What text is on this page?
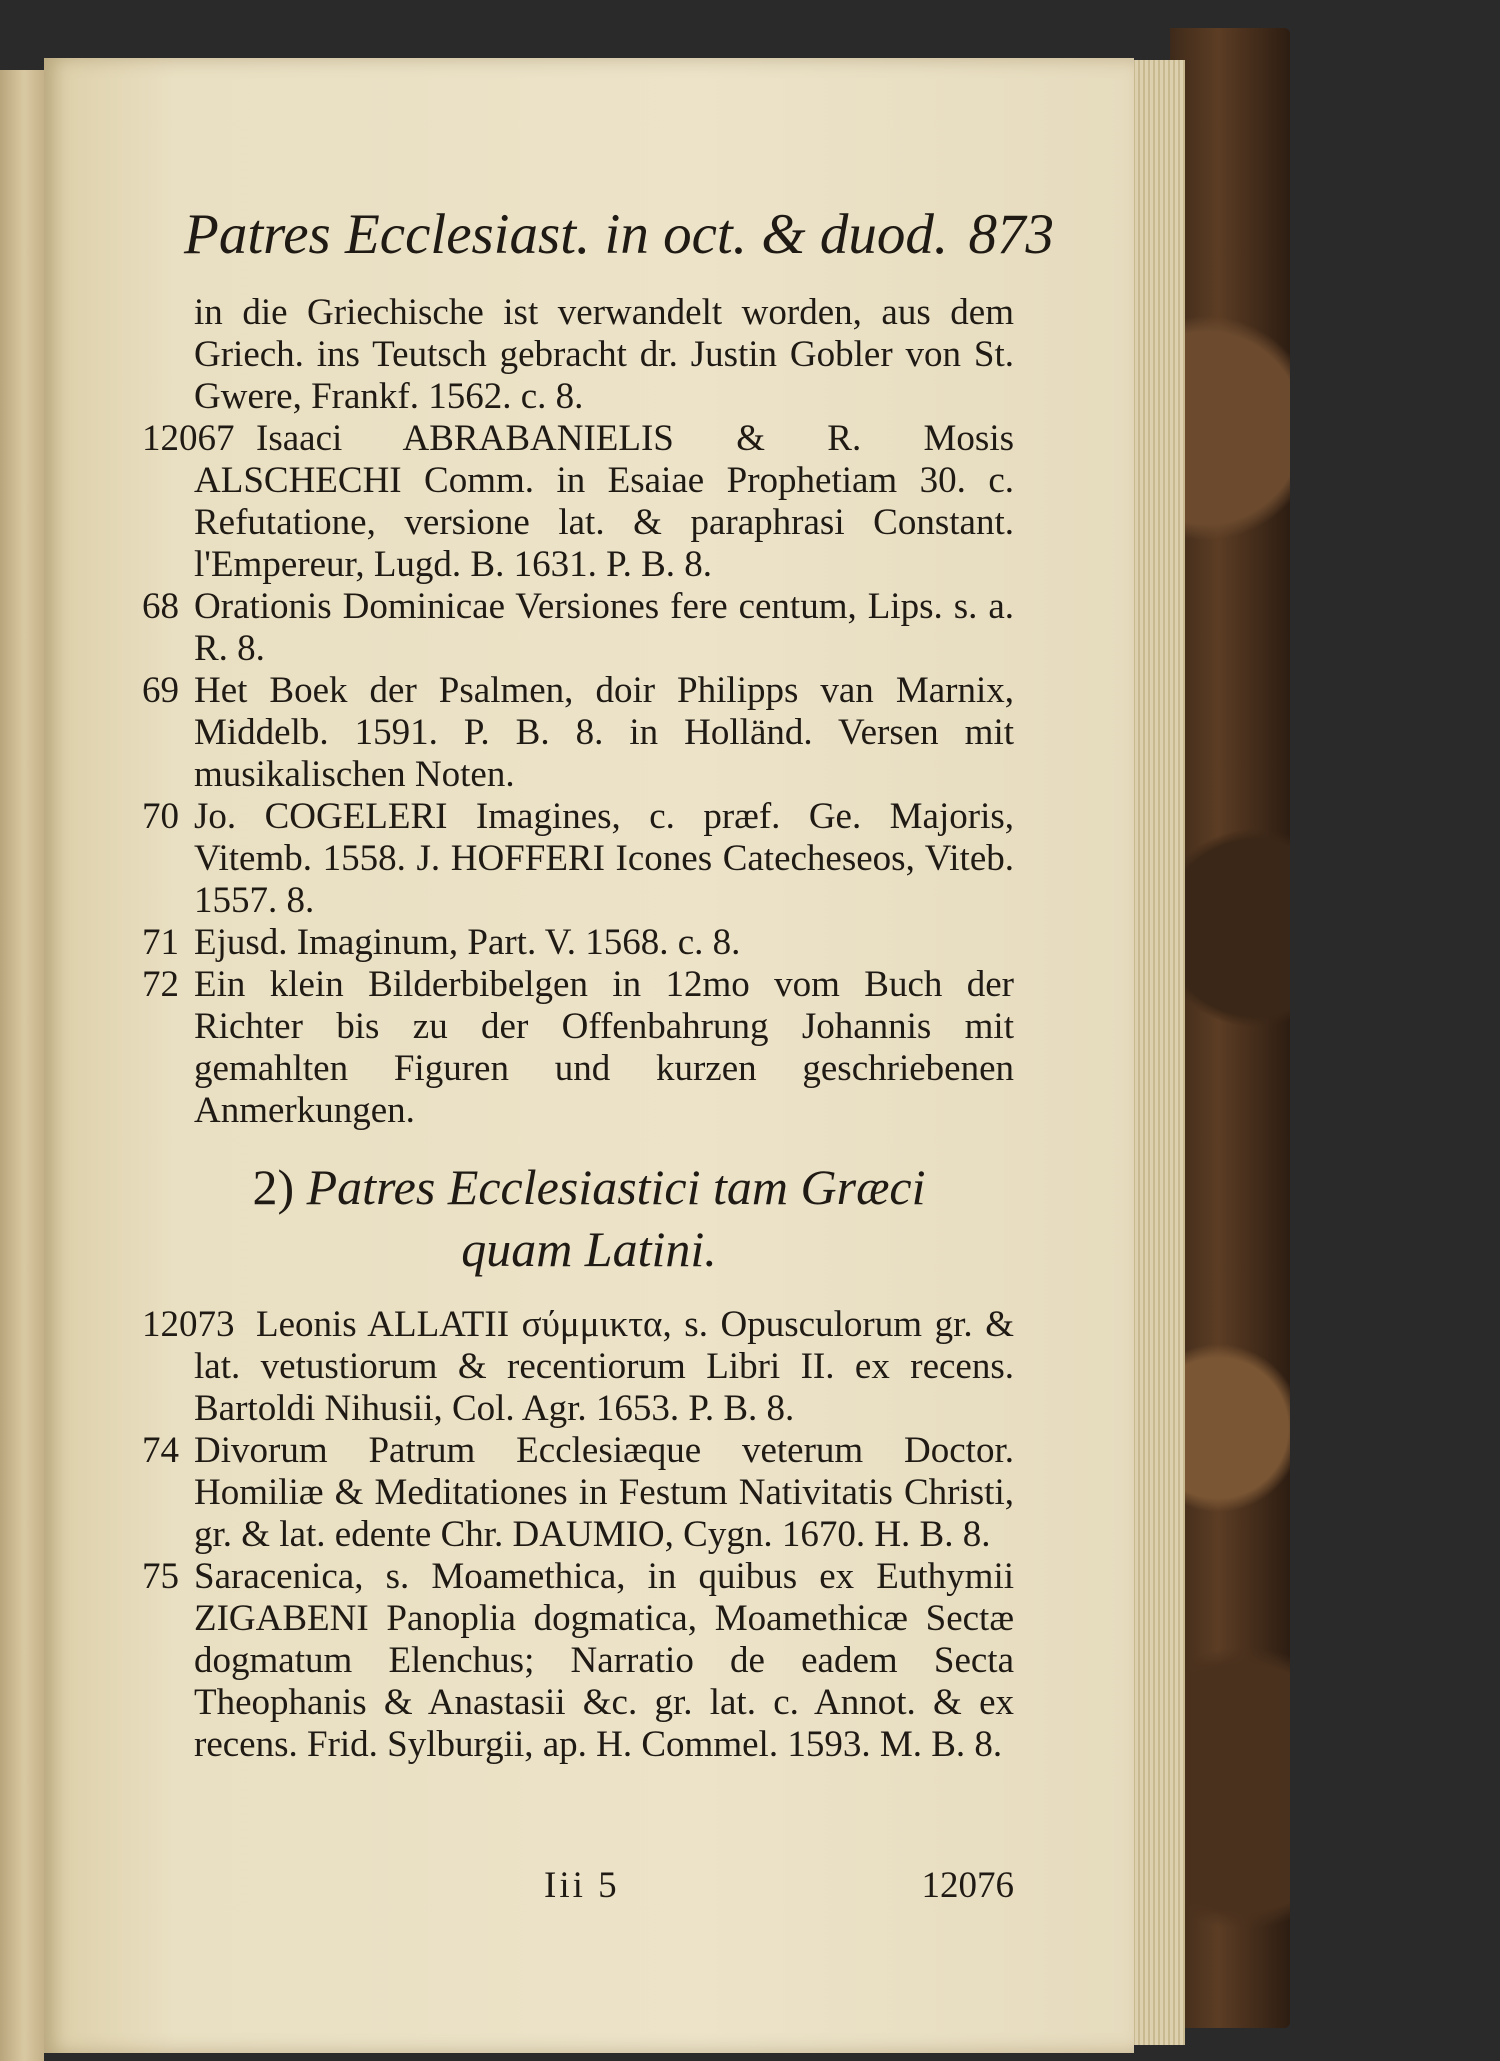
Patres Ecclesiast. in oct. & duod. 873

in die Griechische ist verwandelt worden, aus dem Griech. ins Teutsch gebracht dr. Justin Gobler von St. Gwere, Frankf. 1562. c. 8.

12067 Isaaci ABRABANIELIS & R. Mosis ALSCHECHI Comm. in Esaiae Prophetiam 30. c. Refutatione, versione lat. & paraphrasi Constant. l'Empereur, Lugd. B. 1631. P. B. 8.

68 Orationis Dominicae Versiones fere centum, Lips. s. a. R. 8.

69 Het Boek der Psalmen, doir Philipps van Marnix, Middelb. 1591. P. B. 8. in Holländ. Versen mit musikalischen Noten.

70 Jo. COGELERI Imagines, c. præf. Ge. Majoris, Vitemb. 1558. J. HOFFERI Icones Catecheseos, Viteb. 1557. 8.

71 Ejusd. Imaginum, Part. V. 1568. c. 8.

72 Ein klein Bilderbibelgen in 12mo vom Buch der Richter bis zu der Offenbahrung Johannis mit gemahlten Figuren und kurzen geschriebenen Anmerkungen.

2) Patres Ecclesiastici tam Græci
quam Latini.

12073 Leonis ALLATII σύμμικτα, s. Opusculorum gr. & lat. vetustiorum & recentiorum Libri II. ex recens. Bartoldi Nihusii, Col. Agr. 1653. P. B. 8.

74 Divorum Patrum Ecclesiæque veterum Doctor. Homiliæ & Meditationes in Festum Nativitatis Christi, gr. & lat. edente Chr. DAUMIO, Cygn. 1670. H. B. 8.

75 Saracenica, s. Moamethica, in quibus ex Euthymii ZIGABENI Panoplia dogmatica, Moamethicæ Sectæ dogmatum Elenchus; Narratio de eadem Secta Theophanis & Anastasii &c. gr. lat. c. Annot. & ex recens. Frid. Sylburgii, ap. H. Commel. 1593. M. B. 8.

Iii 5	12076
